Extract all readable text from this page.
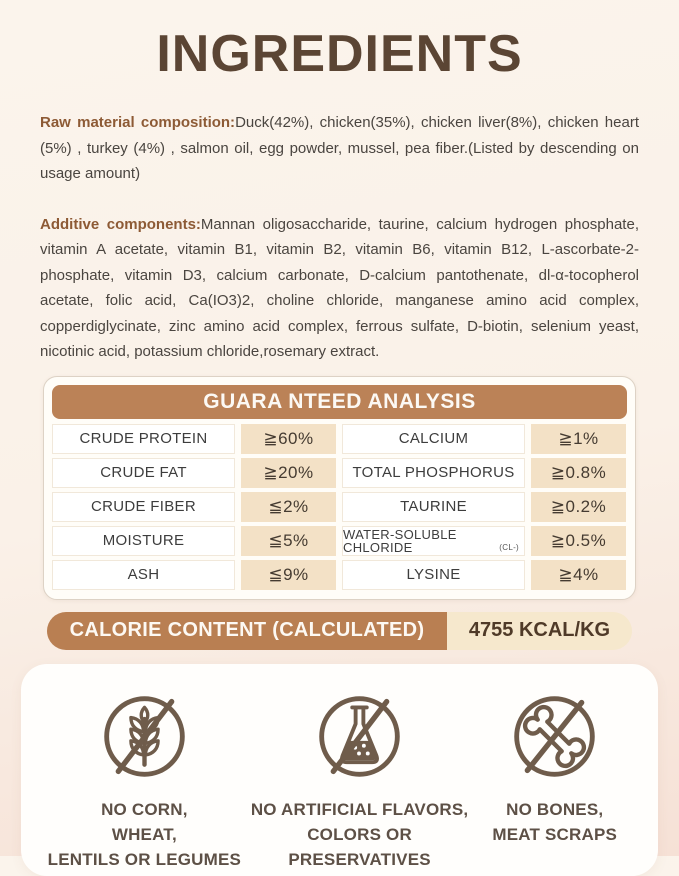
INGREDIENTS

Raw material composition:Duck(42%), chicken(35%), chicken liver(8%), chicken heart (5%) , turkey (4%) , salmon oil, egg powder, mussel, pea fiber.(Listed by descending on usage amount)

Additive components:Mannan oligosaccharide, taurine, calcium hydrogen phosphate, vitamin A acetate, vitamin B1, vitamin B2, vitamin B6, vitamin B12, L-ascorbate-2- phosphate, vitamin D3, calcium carbonate, D-calcium pantothenate, dl-α-tocopherol acetate, folic acid, Ca(IO3)2, choline chloride, manganese amino acid complex, copperdiglycinate, zinc amino acid complex, ferrous sulfate, D-biotin, selenium yeast, nicotinic acid, potassium chloride,rosemary extract.

GUARA NTEED ANALYSIS
CRUDE PROTEIN	≧60%	CALCIUM	≧1%
CRUDE FAT	≧20%	TOTAL PHOSPHORUS	≧0.8%
CRUDE FIBER	≦2%	TAURINE	≧0.2%
MOISTURE	≦5%	WATER-SOLUBLE CHLORIDE	(CL-)	≧0.5%
ASH	≦9%	LYSINE	≧4%
CALORIE CONTENT (CALCULATED)	4755 KCAL/KG
NO CORN,
WHEAT,
LENTILS OR LEGUMES
NO ARTIFICIAL FLAVORS,
COLORS OR
PRESERVATIVES
NO BONES,
MEAT SCRAPS
